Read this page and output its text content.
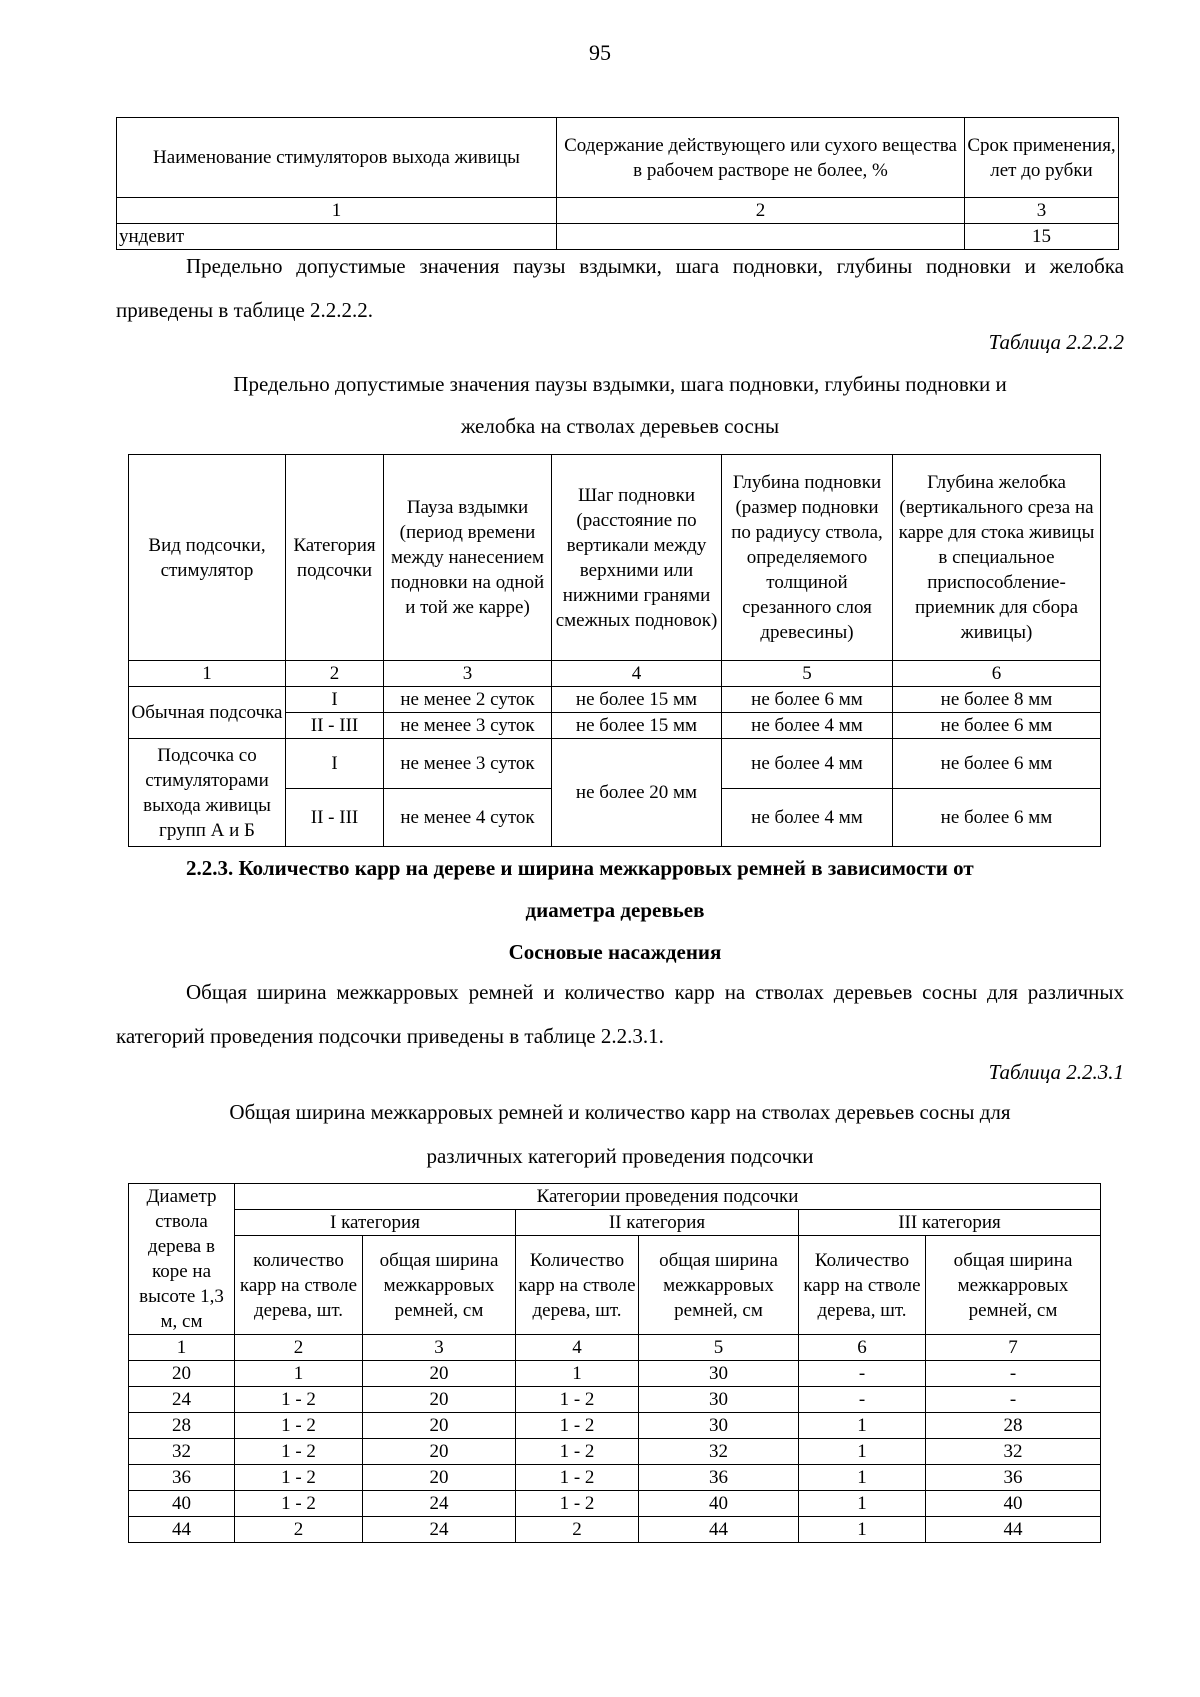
95
Наименование стимуляторов выхода живицы	Содержание действующего или сухого вещества в рабочем растворе не более, %	Срок применения, лет до рубки
1	2	3
ундевит		15
Предельно допустимые значения паузы вздымки, шага подновки, глубины подновки и желобка приведены в таблице 2.2.2.2.
Таблица 2.2.2.2
Предельно допустимые значения паузы вздымки, шага подновки, глубины подновки и
желобка на стволах деревьев сосны
Вид подсочки, стимулятор	Категория подсочки	Пауза вздымки (период времени между нанесением подновки на одной и той же карре)	Шаг подновки (расстояние по вертикали между верхними или нижними гранями смежных подновок)	Глубина подновки (размер подновки по радиусу ствола, определяемого толщиной срезанного слоя древесины)	Глубина желобка (вертикального среза на карре для стока живицы в специальное приспособление-приемник для сбора живицы)
1	2	3	4	5	6
Обычная подсочка	I	не менее 2 суток	не более 15 мм	не более 6 мм	не более 8 мм
	II - III	не менее 3 суток	не более 15 мм	не более 4 мм	не более 6 мм
Подсочка со стимуляторами выхода живицы групп А и Б	I	не менее 3 суток	не более 20 мм	не более 4 мм	не более 6 мм
	II - III	не менее 4 суток		не более 4 мм	не более 6 мм
2.2.3. Количество карр на дереве и ширина межкарровых ремней в зависимости от
диаметра деревьев
Сосновые насаждения
Общая ширина межкарровых ремней и количество карр на стволах деревьев сосны для различных категорий проведения подсочки приведены в таблице 2.2.3.1.
Таблица 2.2.3.1
Общая ширина межкарровых ремней и количество карр на стволах деревьев сосны для
различных категорий проведения подсочки
Диаметр ствола дерева в коре на высоте 1,3 м, см	Категории проведения подсочки					
	I категория		II категория		III категория	
	количество карр на стволе дерева, шт.	общая ширина межкарровых ремней, см	Количество карр на стволе дерева, шт.	общая ширина межкарровых ремней, см	Количество карр на стволе дерева, шт.	общая ширина межкарровых ремней, см
1	2	3	4	5	6	7
20	1	20	1	30	-	-
24	1 - 2	20	1 - 2	30	-	-
28	1 - 2	20	1 - 2	30	1	28
32	1 - 2	20	1 - 2	32	1	32
36	1 - 2	20	1 - 2	36	1	36
40	1 - 2	24	1 - 2	40	1	40
44	2	24	2	44	1	44
